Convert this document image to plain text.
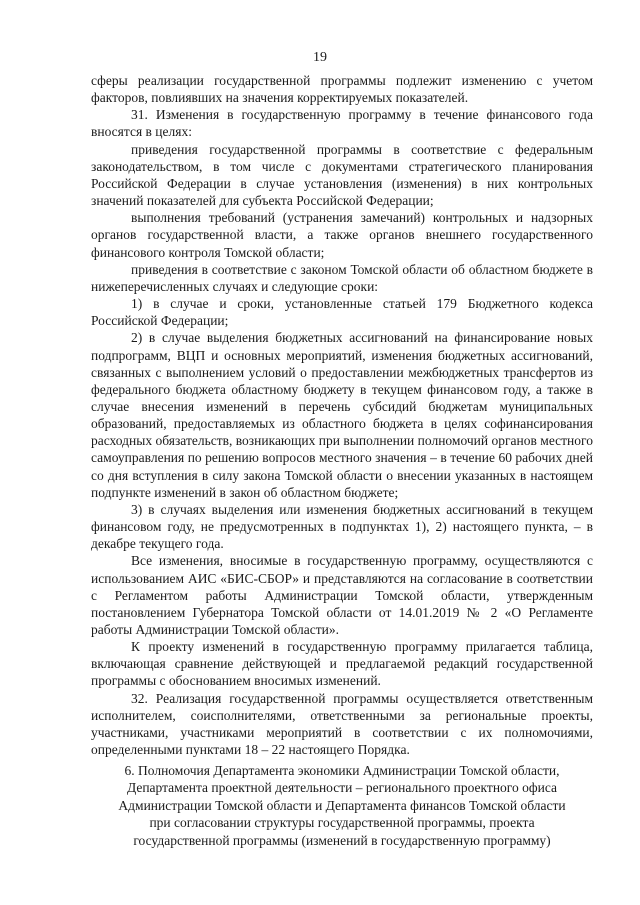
19

сферы реализации государственной программы подлежит изменению с учетом факторов, повлиявших на значения корректируемых показателей.

31. Изменения в государственную программу в течение финансового года вносятся в целях:

приведения государственной программы в соответствие с федеральным законодательством, в том числе с документами стратегического планирования Российской Федерации в случае установления (изменения) в них контрольных значений показателей для субъекта Российской Федерации;

выполнения требований (устранения замечаний) контрольных и надзорных органов государственной власти, а также органов внешнего государственного финансового контроля Томской области;

приведения в соответствие с законом Томской области об областном бюджете в нижеперечисленных случаях и следующие сроки:

1) в случае и сроки, установленные статьей 179 Бюджетного кодекса Российской Федерации;

2) в случае выделения бюджетных ассигнований на финансирование новых подпрограмм, ВЦП и основных мероприятий, изменения бюджетных ассигнований, связанных с выполнением условий о предоставлении межбюджетных трансфертов из федерального бюджета областному бюджету в текущем финансовом году, а также в случае внесения изменений в перечень субсидий бюджетам муниципальных образований, предоставляемых из областного бюджета в целях софинансирования расходных обязательств, возникающих при выполнении полномочий органов местного самоуправления по решению вопросов местного значения – в течение 60 рабочих дней со дня вступления в силу закона Томской области о внесении указанных в настоящем подпункте изменений в закон об областном бюджете;

3) в случаях выделения или изменения бюджетных ассигнований в текущем финансовом году, не предусмотренных в подпунктах 1), 2) настоящего пункта, – в декабре текущего года.

Все изменения, вносимые в государственную программу, осуществляются с использованием АИС «БИС-СБОР» и представляются на согласование в соответствии с Регламентом работы Администрации Томской области, утвержденным постановлением Губернатора Томской области от 14.01.2019 № 2 «О Регламенте работы Администрации Томской области».

К проекту изменений в государственную программу прилагается таблица, включающая сравнение действующей и предлагаемой редакций государственной программы с обоснованием вносимых изменений.

32. Реализация государственной программы осуществляется ответственным исполнителем, соисполнителями, ответственными за региональные проекты, участниками, участниками мероприятий в соответствии с их полномочиями, определенными пунктами 18 – 22 настоящего Порядка.

6. Полномочия Департамента экономики Администрации Томской области,
Департамента проектной деятельности – регионального проектного офиса
Администрации Томской области и Департамента финансов Томской области
при согласовании структуры государственной программы, проекта
государственной программы (изменений в государственную программу)
